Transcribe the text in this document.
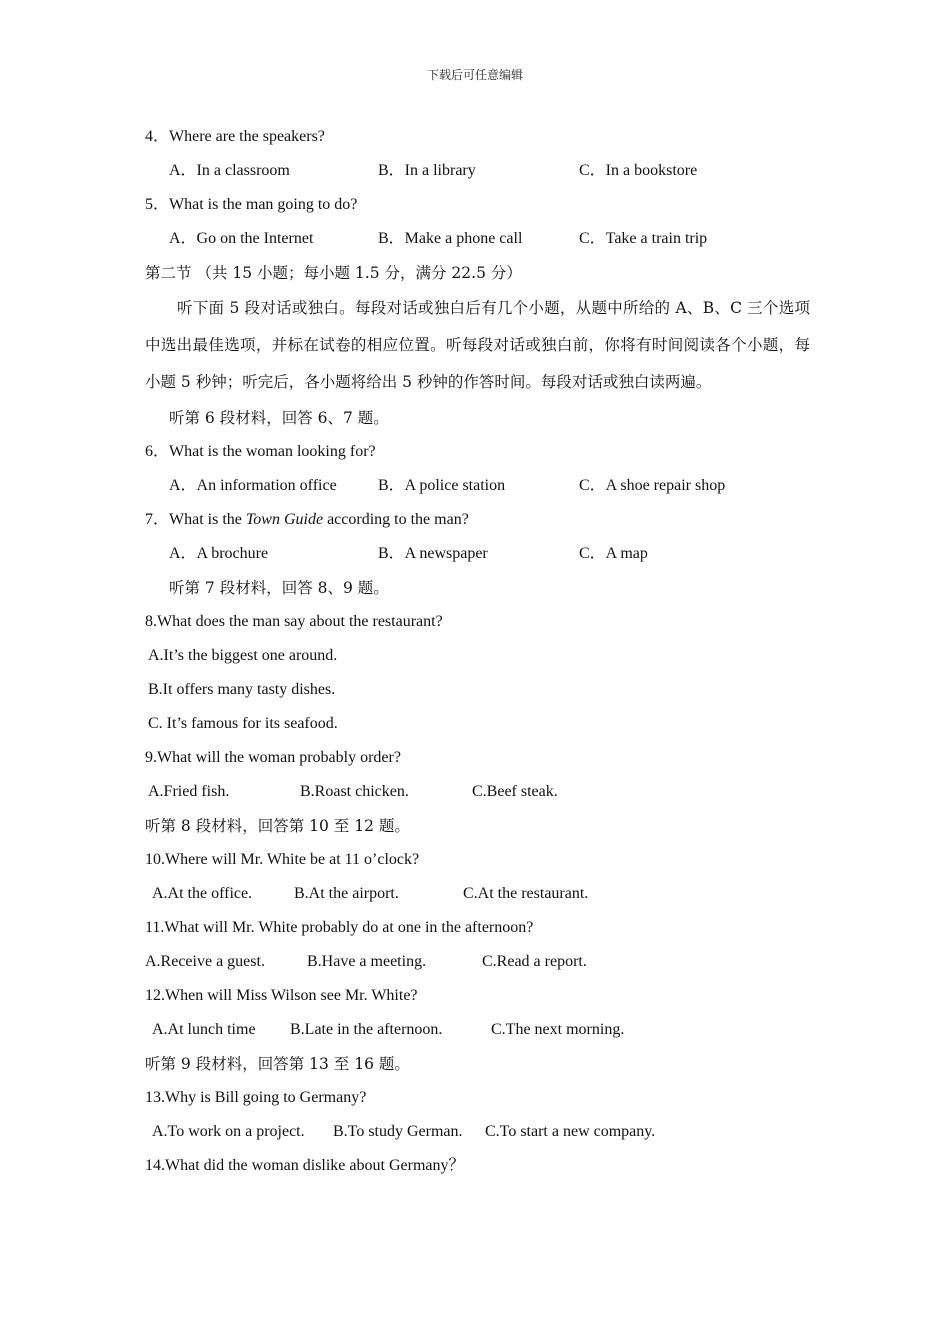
下载后可任意编辑
4．Where are the speakers?
A．In a classroom	B．In a library	C．In a bookstore
5．What is the man going to do?
A．Go on the Internet	B．Make a phone call	C．Take a train trip
第二节 （共 15 小题；每小题 1.5 分，满分 22.5 分）
听下面 5 段对话或独白。每段对话或独白后有几个小题，从题中所给的 A、B、C 三个选项中选出最佳选项，并标在试卷的相应位置。听每段对话或独白前，你将有时间阅读各个小题，每小题 5 秒钟；听完后，各小题将给出 5 秒钟的作答时间。每段对话或独白读两遍。
听第 6 段材料，回答 6、7 题。
6．What is the woman looking for?
A．An information office	B．A police station	C．A shoe repair shop
7．What is the Town Guide according to the man?
A．A brochure	B．A newspaper	C．A map
听第 7 段材料，回答 8、9 题。
8.What does the man say about the restaurant?
A.It’s the biggest one around.
B.It offers many tasty dishes.
C. It’s famous for its seafood.
9.What will the woman probably order?
A.Fried fish.	B.Roast chicken.	C.Beef steak.
听第 8 段材料，回答第 10 至 12 题。
10.Where will Mr. White be at 11 o’clock?
A.At the office.	B.At the airport.	C.At the restaurant.
11.What will Mr. White probably do at one in the afternoon?
A.Receive a guest.	B.Have a meeting.	C.Read a report.
12.When will Miss Wilson see Mr. White?
A.At lunch time B.Late in the afternoon.	C.The next morning.
听第 9 段材料，回答第 13 至 16 题。
13.Why is Bill going to Germany?
A.To work on a project. B.To study German. C.To start a new company.
14.What did the woman dislike about Germany？
